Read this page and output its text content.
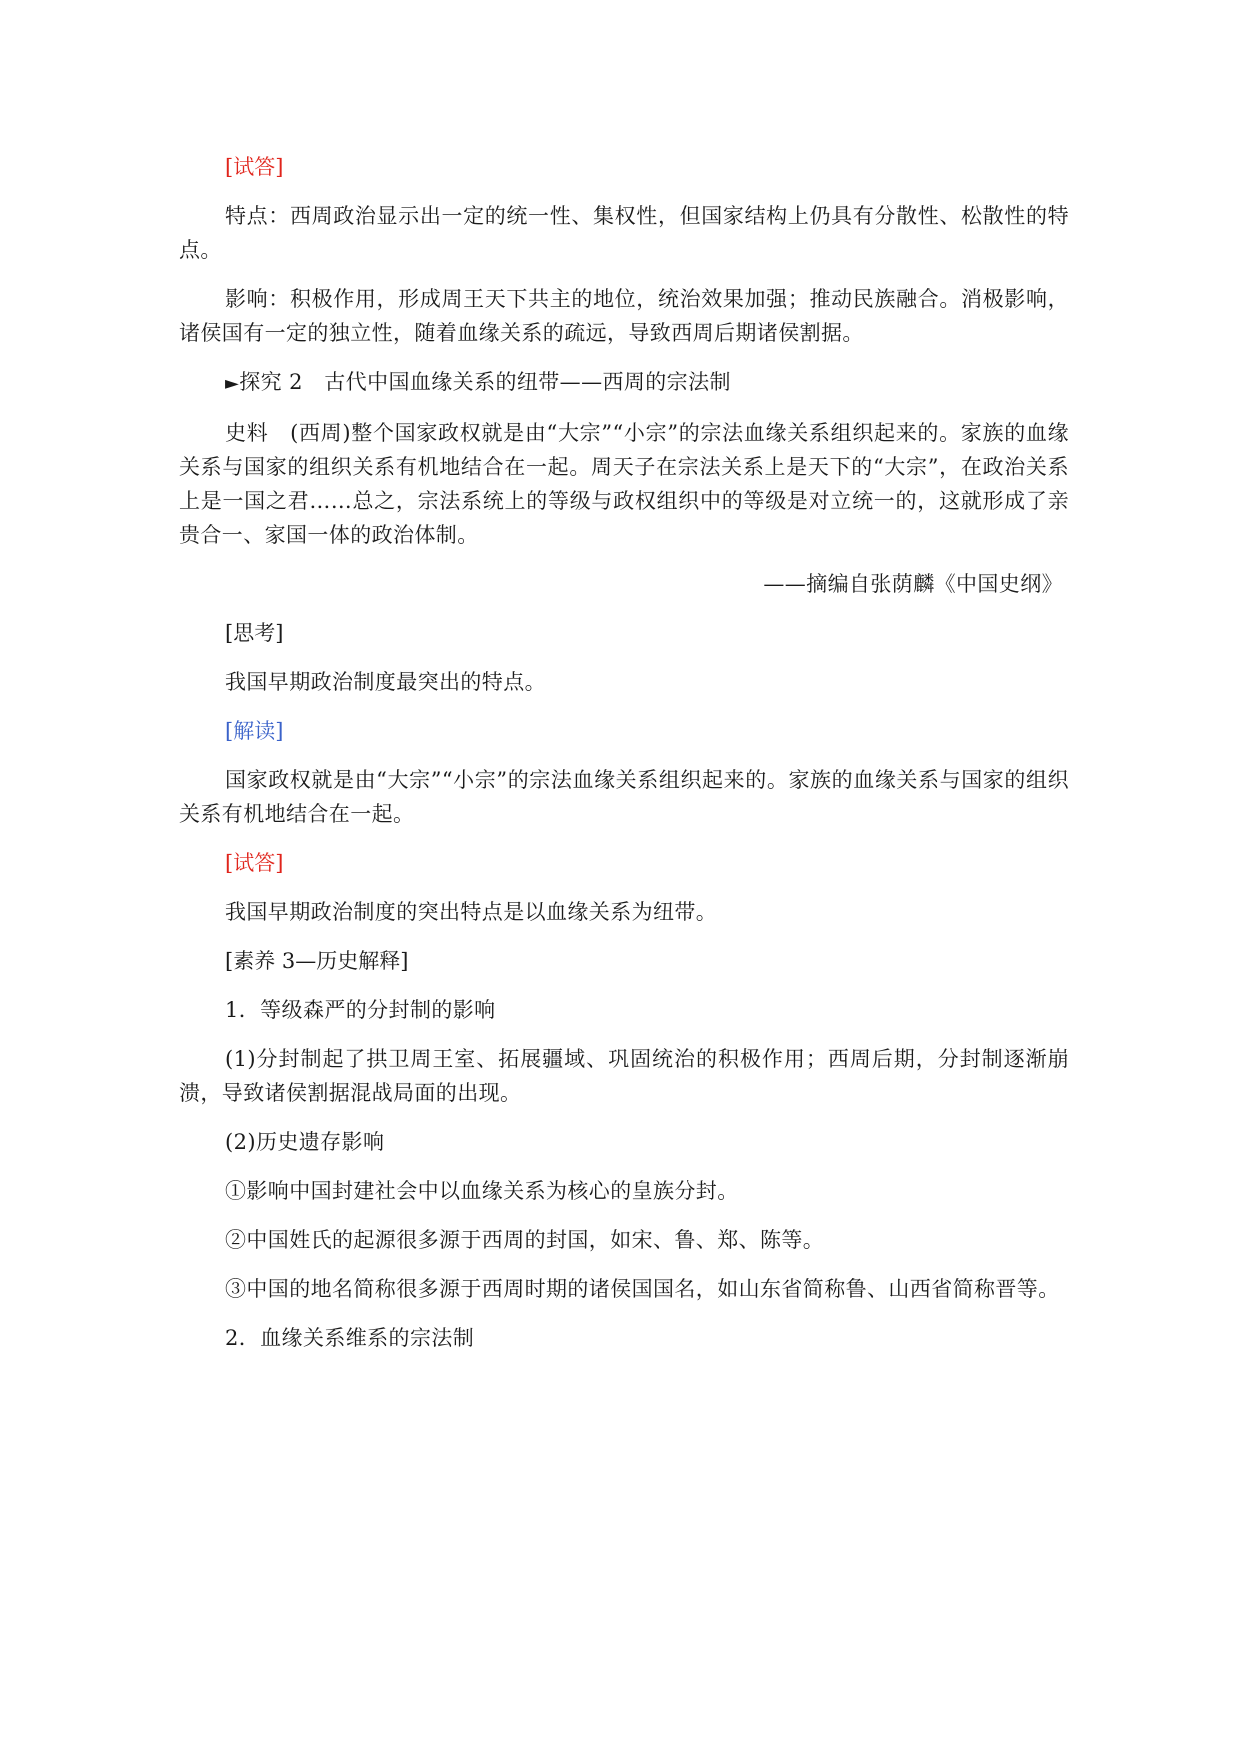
[试答]

特点：西周政治显示出一定的统一性、集权性，但国家结构上仍具有分散性、松散性的特点。

影响：积极作用，形成周王天下共主的地位，统治效果加强；推动民族融合。消极影响，诸侯国有一定的独立性，随着血缘关系的疏远，导致西周后期诸侯割据。

►探究 2　古代中国血缘关系的纽带——西周的宗法制

史料　(西周)整个国家政权就是由“大宗”“小宗”的宗法血缘关系组织起来的。家族的血缘关系与国家的组织关系有机地结合在一起。周天子在宗法关系上是天下的“大宗”，在政治关系上是一国之君……总之，宗法系统上的等级与政权组织中的等级是对立统一的，这就形成了亲贵合一、家国一体的政治体制。

——摘编自张荫麟《中国史纲》

[思考]

我国早期政治制度最突出的特点。

[解读]

国家政权就是由“大宗”“小宗”的宗法血缘关系组织起来的。家族的血缘关系与国家的组织关系有机地结合在一起。

[试答]

我国早期政治制度的突出特点是以血缘关系为纽带。

[素养 3—历史解释]

1．等级森严的分封制的影响

(1)分封制起了拱卫周王室、拓展疆域、巩固统治的积极作用；西周后期，分封制逐渐崩溃，导致诸侯割据混战局面的出现。

(2)历史遗存影响

①影响中国封建社会中以血缘关系为核心的皇族分封。

②中国姓氏的起源很多源于西周的封国，如宋、鲁、郑、陈等。

③中国的地名简称很多源于西周时期的诸侯国国名，如山东省简称鲁、山西省简称晋等。

2．血缘关系维系的宗法制
